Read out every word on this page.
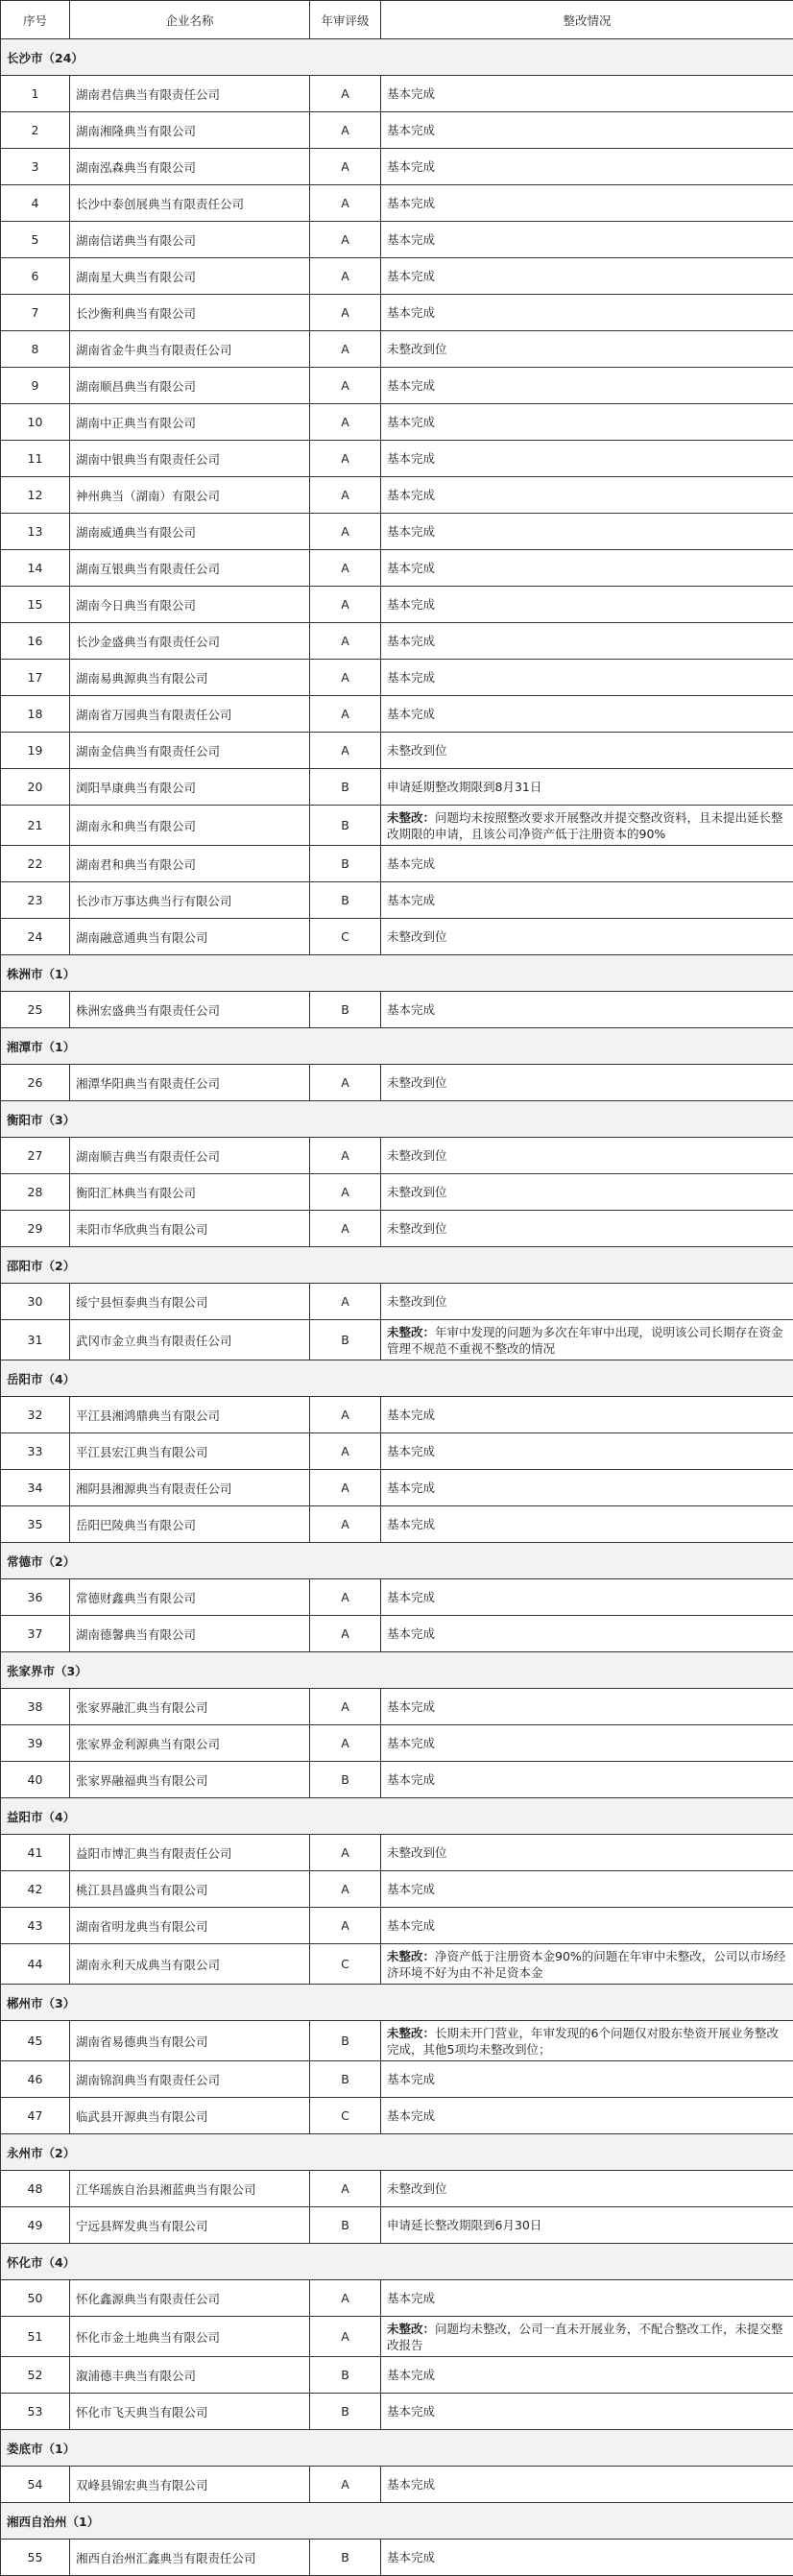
序号	企业名称	年审评级	整改情况
长沙市（24）			
1	湖南君信典当有限责任公司	A	基本完成
2	湖南湘隆典当有限公司	A	基本完成
3	湖南泓森典当有限公司	A	基本完成
4	长沙中泰创展典当有限责任公司	A	基本完成
5	湖南信诺典当有限公司	A	基本完成
6	湖南星大典当有限公司	A	基本完成
7	长沙衡利典当有限公司	A	基本完成
8	湖南省金牛典当有限责任公司	A	未整改到位
9	湖南顺昌典当有限公司	A	基本完成
10	湖南中正典当有限公司	A	基本完成
11	湖南中银典当有限责任公司	A	基本完成
12	神州典当（湖南）有限公司	A	基本完成
13	湖南威通典当有限公司	A	基本完成
14	湖南互银典当有限责任公司	A	基本完成
15	湖南今日典当有限公司	A	基本完成
16	长沙金盛典当有限责任公司	A	基本完成
17	湖南易典源典当有限公司	A	基本完成
18	湖南省万园典当有限责任公司	A	基本完成
19	湖南金信典当有限责任公司	A	未整改到位
20	浏阳旱康典当有限公司	B	申请延期整改期限到8月31日
21	湖南永和典当有限公司	B	未整改：问题均未按照整改要求开展整改并提交整改资料，且未提出延长整改期限的申请，且该公司净资产低于注册资本的90%
22	湖南君和典当有限公司	B	基本完成
23	长沙市万事达典当行有限公司	B	基本完成
24	湖南融意通典当有限公司	C	未整改到位
株洲市（1）			
25	株洲宏盛典当有限责任公司	B	基本完成
湘潭市（1）			
26	湘潭华阳典当有限责任公司	A	未整改到位
衡阳市（3）			
27	湖南顺吉典当有限责任公司	A	未整改到位
28	衡阳汇林典当有限公司	A	未整改到位
29	耒阳市华欣典当有限公司	A	未整改到位
邵阳市（2）			
30	绥宁县恒泰典当有限公司	A	未整改到位
31	武冈市金立典当有限责任公司	B	未整改：年审中发现的问题为多次在年审中出现，说明该公司长期存在资金管理不规范不重视不整改的情况
岳阳市（4）			
32	平江县湘鸿鼎典当有限公司	A	基本完成
33	平江县宏江典当有限公司	A	基本完成
34	湘阴县湘源典当有限责任公司	A	基本完成
35	岳阳巴陵典当有限公司	A	基本完成
常德市（2）			
36	常德财鑫典当有限公司	A	基本完成
37	湖南德馨典当有限公司	A	基本完成
张家界市（3）			
38	张家界融汇典当有限公司	A	基本完成
39	张家界金利源典当有限公司	A	基本完成
40	张家界融福典当有限公司	B	基本完成
益阳市（4）			
41	益阳市博汇典当有限责任公司	A	未整改到位
42	桃江县昌盛典当有限公司	A	基本完成
43	湖南省明龙典当有限公司	A	基本完成
44	湖南永利天成典当有限公司	C	未整改：净资产低于注册资本金90%的问题在年审中未整改，公司以市场经济环境不好为由不补足资本金
郴州市（3）			
45	湖南省易德典当有限公司	B	未整改：长期未开门营业，年审发现的6个问题仅对股东垫资开展业务整改完成，其他5项均未整改到位；
46	湖南锦润典当有限责任公司	B	基本完成
47	临武县开源典当有限公司	C	基本完成
永州市（2）			
48	江华瑶族自治县湘蓝典当有限公司	A	未整改到位
49	宁远县辉发典当有限公司	B	申请延长整改期限到6月30日
怀化市（4）			
50	怀化鑫源典当有限责任公司	A	基本完成
51	怀化市金土地典当有限公司	A	未整改：问题均未整改，公司一直未开展业务，不配合整改工作，未提交整改报告
52	溆浦德丰典当有限公司	B	基本完成
53	怀化市飞天典当有限公司	B	基本完成
娄底市（1）			
54	双峰县锦宏典当有限公司	A	基本完成
湘西自治州（1）			
55	湘西自治州汇鑫典当有限责任公司	B	基本完成
